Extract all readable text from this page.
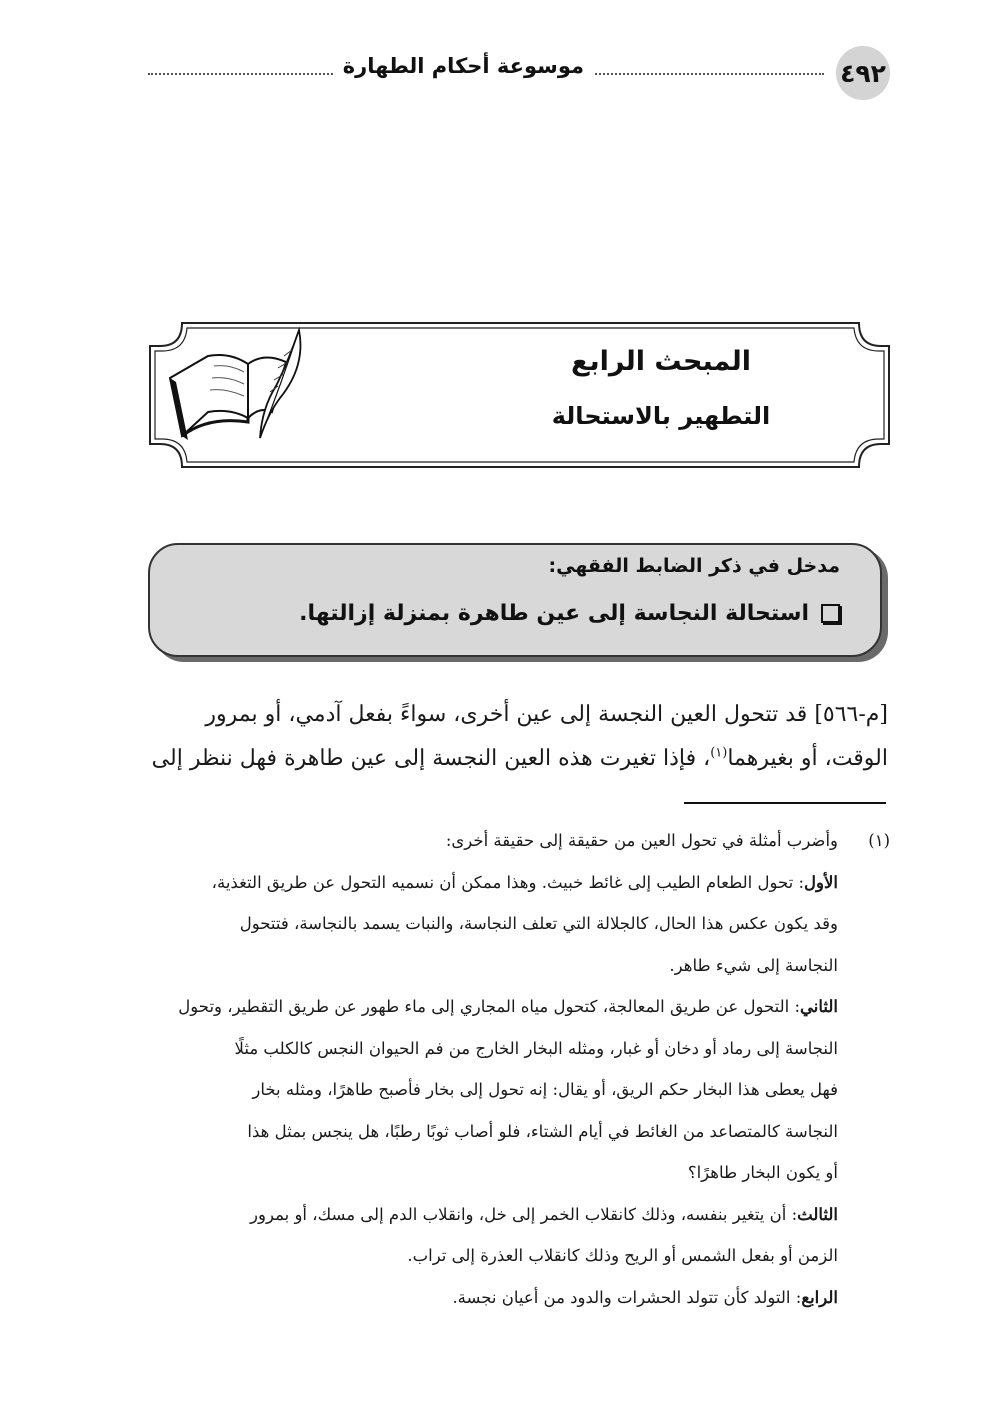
موسوعة أحكام الطهارة	٤٩٢
المبحث الرابع
التطهير بالاستحالة
مدخل في ذكر الضابط الفقهي:
استحالة النجاسة إلى عين طاهرة بمنزلة إزالتها.
[م-٥٦٦] قد تتحول العين النجسة إلى عين أخرى، سواءً بفعل آدمي، أو بمرور
الوقت، أو بغيرهما$^{(١)}$، فإذا تغيرت هذه العين النجسة إلى عين طاهرة فهل ننظر إلى
(١)
وأضرب أمثلة في تحول العين من حقيقة إلى حقيقة أخرى:
الأول: تحول الطعام الطيب إلى غائط خبيث. وهذا ممكن أن نسميه التحول عن طريق التغذية،
وقد يكون عكس هذا الحال، كالجلالة التي تعلف النجاسة، والنبات يسمد بالنجاسة، فتتحول
النجاسة إلى شيء طاهر.
الثاني: التحول عن طريق المعالجة، كتحول مياه المجاري إلى ماء طهور عن طريق التقطير، وتحول
النجاسة إلى رماد أو دخان أو غبار، ومثله البخار الخارج من فم الحيوان النجس كالكلب مثلًا
فهل يعطى هذا البخار حكم الريق، أو يقال: إنه تحول إلى بخار فأصبح طاهرًا، ومثله بخار
النجاسة كالمتصاعد من الغائط في أيام الشتاء، فلو أصاب ثوبًا رطبًا، هل ينجس بمثل هذا
أو يكون البخار طاهرًا؟
الثالث: أن يتغير بنفسه، وذلك كانقلاب الخمر إلى خل، وانقلاب الدم إلى مسك، أو بمرور
الزمن أو بفعل الشمس أو الريح وذلك كانقلاب العذرة إلى تراب.
الرابع: التولد كأن تتولد الحشرات والدود من أعيان نجسة.
